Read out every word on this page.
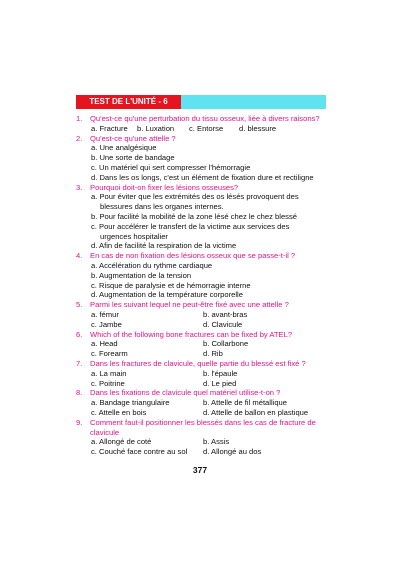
TEST DE L'UNITÉ - 6
1. Qu'est-ce qu'une perturbation du tissu osseux, liée à divers raisons?
a. Fracture	b. Luxation	c. Entorse	d. blessure
2. Qu'est-ce qu'une attelle ?
a. Une analgésique
b. Une sorte de bandage
c. Un matériel qui sert compresser l'hémorragie
d. Dans les os longs, c'est un élément de fixation dure et rectiligne
3. Pourquoi doit-on fixer les lésions osseuses?
a. Pour éviter que les extrémités des os lésés provoquent des
blessures dans les organes internes.
b. Pour facilité la mobilité de la zone lésé chez le chez blessé
c. Pour accélérer le transfert de la victime aux services des
urgences hospitalier
d. Afin de facilité la respiration de la victime
4. En cas de non fixation des lésions osseux que se passe-t-il ?
a. Accélération du rythme cardiaque
b. Augmentation de la tension
c. Risque de paralysie et de hémorragie interne
d. Augmentation de la température corporelle
5. Parmi les suivant lequel ne peut-être fixé avec une attelle ?
a. fémur	b. avant-bras
c. Jambe	d. Clavicule
6. Which of the following bone fractures can be fixed by ATEL?
a. Head	b. Collarbone
c. Forearm	d. Rib
7. Dans les fractures de clavicule, quelle partie du blessé est fixé ?
a. La main	b. l'épaule
c. Poitrine	d. Le pied
8. Dans les fixations de clavicule quel matériel utilise-t-on ?
a. Bandage triangulaire	b. Attelle de fil métallique
c. Attelle en bois	d. Attelle de ballon en plastique
9. Comment faut-il positionner les blessés dans les cas de fracture de
clavicule
a. Allongé de coté	b. Assis
c. Couché face contre au sol	d. Allongé au dos
377
